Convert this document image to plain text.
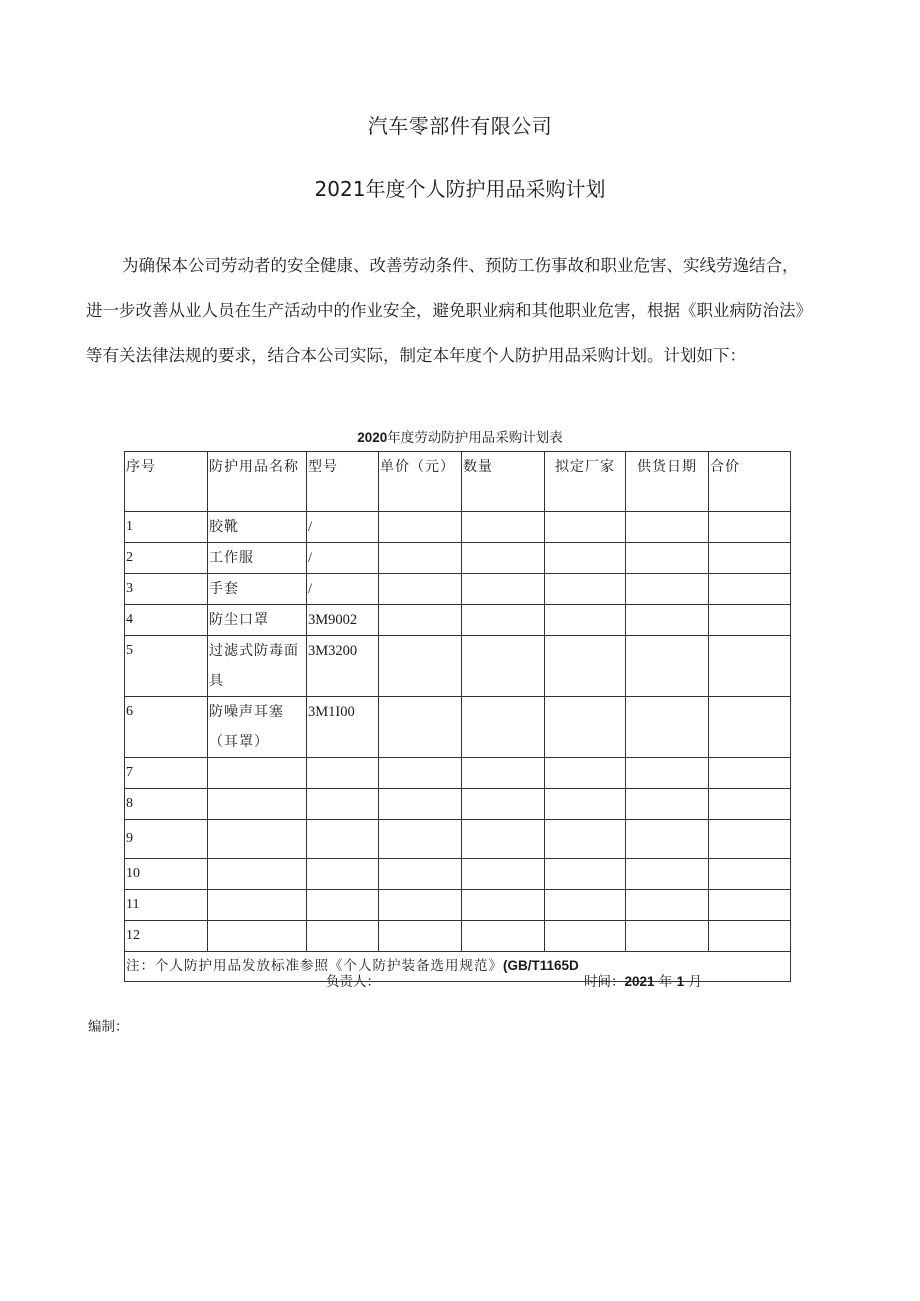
汽车零部件有限公司
2021年度个人防护用品采购计划
为确保本公司劳动者的安全健康、改善劳动条件、预防工伤事故和职业危害、实线劳逸结合，
进一步改善从业人员在生产活动中的作业安全，避免职业病和其他职业危害，根据《职业病防治法》
等有关法律法规的要求，结合本公司实际，制定本年度个人防护用品采购计划。计划如下：
2020年度劳动防护用品采购计划表
序号	防护用品名称	型号	单价（元）	数量	拟定厂家	供货日期	合价
1	胶靴	/					
2	工作服	/					
3	手套	/					
4	防尘口罩	3M9002					
5	过滤式防毒面具	3M3200					
6	防噪声耳塞（耳罩）	3M1I00					
7							
8							
9							
10							
11							
12							
注：个人防护用品发放标准参照《个人防护装备选用规范》(GB/T1165D							
负责人：	时间：2021 年 1 月
编制：
